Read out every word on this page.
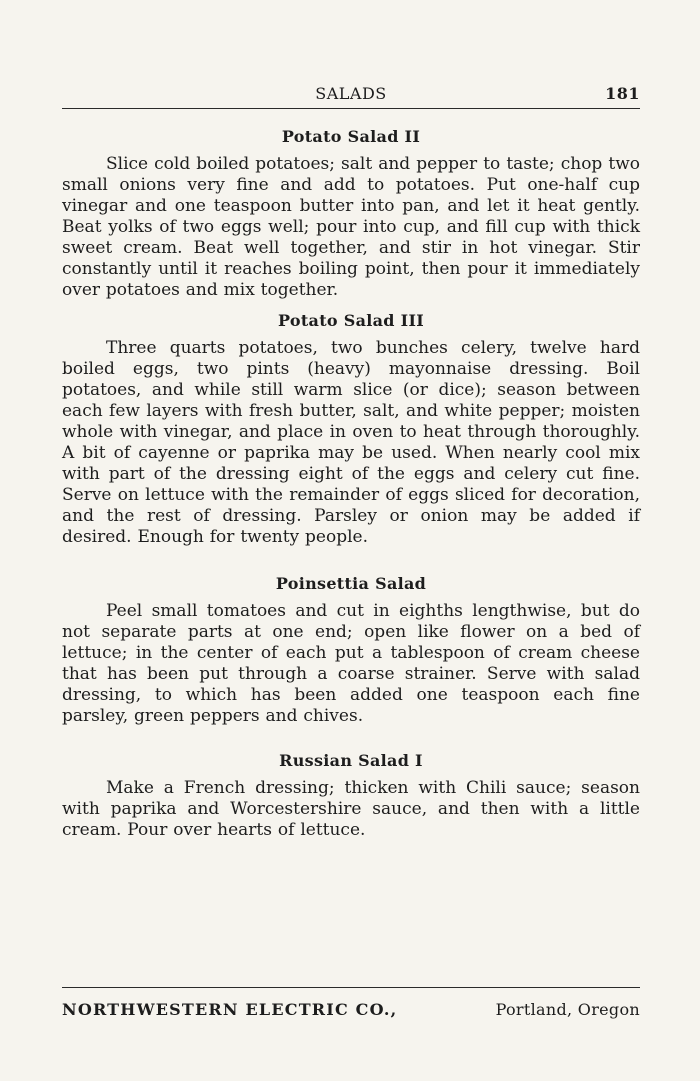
SALADS	181
Potato Salad II

Slice cold boiled potatoes; salt and pepper to taste; chop two small onions very fine and add to potatoes. Put one-half cup vinegar and one teaspoon butter into pan, and let it heat gently. Beat yolks of two eggs well; pour into cup, and fill cup with thick sweet cream. Beat well together, and stir in hot vinegar. Stir constantly until it reaches boiling point, then pour it immediately over potatoes and mix together.

Potato Salad III

Three quarts potatoes, two bunches celery, twelve hard boiled eggs, two pints (heavy) mayonnaise dressing. Boil potatoes, and while still warm slice (or dice); season between each few layers with fresh butter, salt, and white pepper; moisten whole with vinegar, and place in oven to heat through thoroughly. A bit of cayenne or paprika may be used. When nearly cool mix with part of the dressing eight of the eggs and celery cut fine. Serve on lettuce with the remainder of eggs sliced for decoration, and the rest of dressing. Parsley or onion may be added if desired. Enough for twenty people.

Poinsettia Salad

Peel small tomatoes and cut in eighths lengthwise, but do not separate parts at one end; open like flower on a bed of lettuce; in the center of each put a tablespoon of cream cheese that has been put through a coarse strainer. Serve with salad dressing, to which has been added one teaspoon each fine parsley, green peppers and chives.

Russian Salad I

Make a French dressing; thicken with Chili sauce; season with paprika and Worcestershire sauce, and then with a little cream. Pour over hearts of lettuce.

NORTHWESTERN ELECTRIC CO.,	Portland, Oregon
